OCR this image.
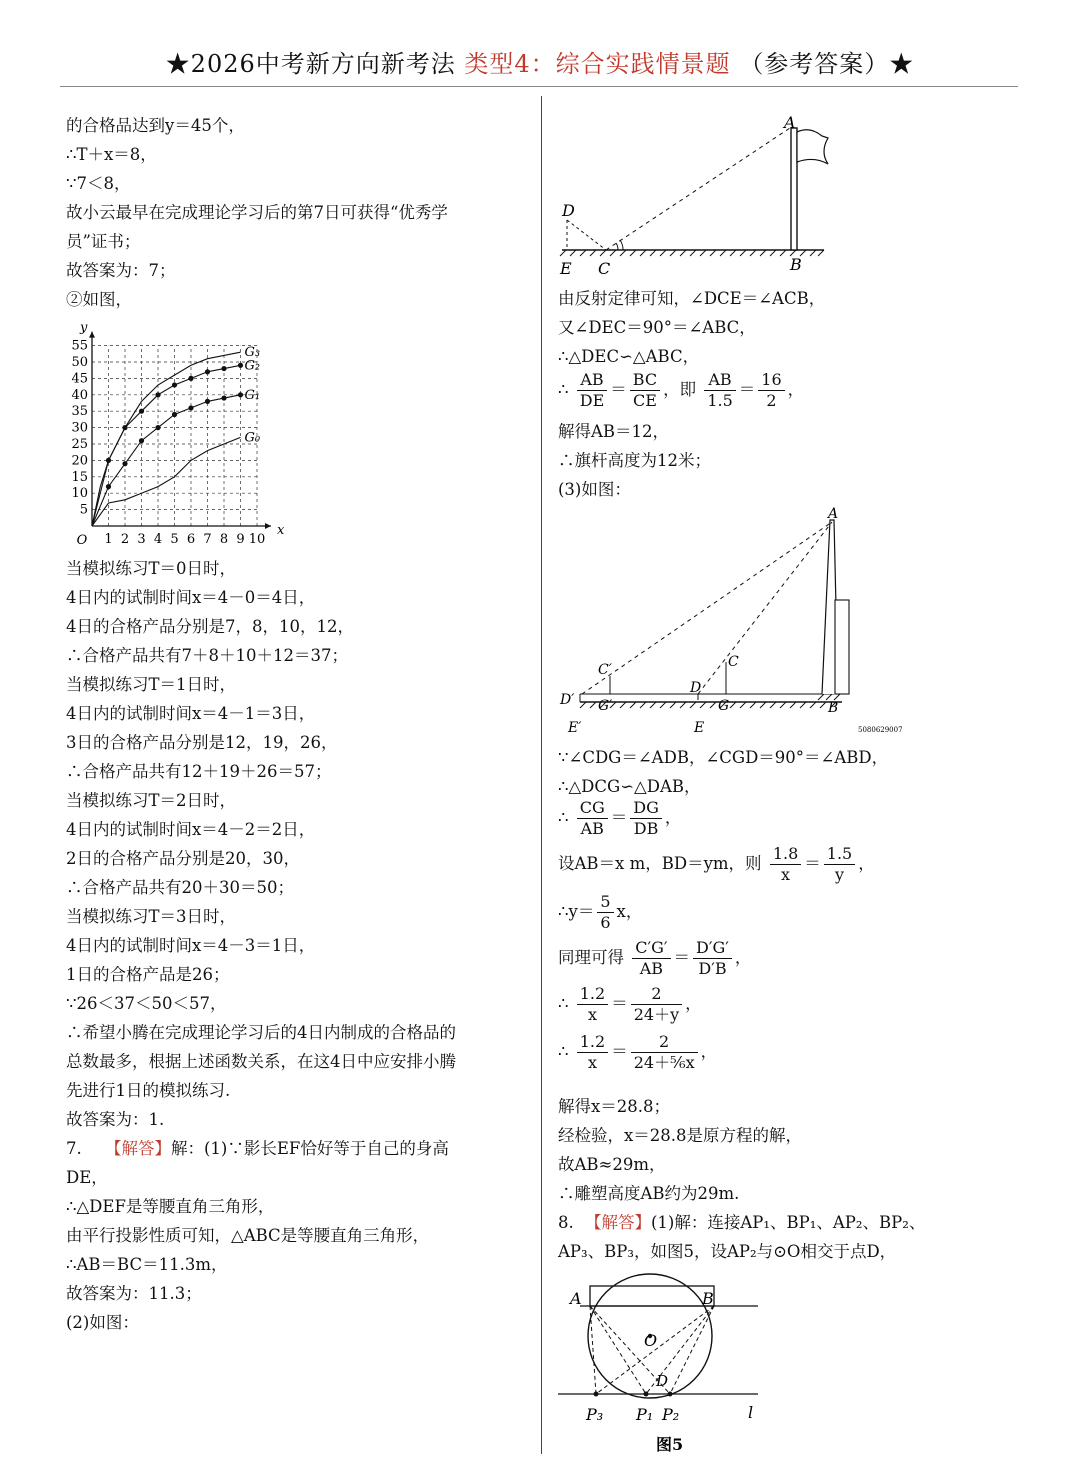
★2026中考新方向新考法 类型4：综合实践情景题 （参考答案）★
的合格品达到y＝45个，
∴T＋x＝8，
∵7＜8，
故小云最早在完成理论学习后的第7日可获得“优秀学
员”证书；
故答案为：7；
②如图，
1 2 3 4 5 6 7 8 9 10
5
10
15
20
25
30
35
40
45
50
55
O
x
y
G₃
G₂
G₁
G₀
当模拟练习T＝0日时，
4日内的试制时间x＝4－0＝4日，
4日的合格产品分别是7，8，10，12，
∴合格产品共有7＋8＋10＋12＝37；
当模拟练习T＝1日时，
4日内的试制时间x＝4－1＝3日，
3日的合格产品分别是12，19，26，
∴合格产品共有12＋19＋26＝57；
当模拟练习T＝2日时，
4日内的试制时间x＝4－2＝2日，
2日的合格产品分别是20，30，
∴合格产品共有20＋30＝50；
当模拟练习T＝3日时，
4日内的试制时间x＝4－3＝1日，
1日的合格产品是26；
∵26＜37＜50＜57，
∴希望小腾在完成理论学习后的4日内制成的合格品的
总数最多，根据上述函数关系，在这4日中应安排小腾
先进行1日的模拟练习.
故答案为：1.
7. 【解答】解：(1)∵影长EF恰好等于自己的身高
DE，
∴△DEF是等腰直角三角形，
由平行投影性质可知，△ABC是等腰直角三角形，
∴AB＝BC＝11.3m，
故答案为：11.3；
(2)如图：
A
D
E C	B
由反射定律可知，∠DCE＝∠ACB，
又∠DEC＝90°＝∠ABC，
∴△DEC∽△ABC，
∴ $\frac{AB}{DE} = \frac{BC}{CE}$ ，即 $\frac{AB}{1.5} = \frac{16}{2}$ ，
解得AB＝12，
∴旗杆高度为12米；
(3)如图：
A
C′	C
D′
D
G′	G
E′	E
B
5080629007
∵∠CDG＝∠ADB，∠CGD＝90°＝∠ABD，
∴△DCG∽△DAB，
∴ $\frac{CG}{AB} = \frac{DG}{DB}$ ，
设AB＝x m，BD＝ym，则 $\frac{1.8}{x} = \frac{1.5}{y}$ ，
∴y＝ $\frac{5}{6}$ x，
同理可得 $\frac{C'G'}{AB} = \frac{D'G'}{D'B}$ ，
∴ $\frac{1.2}{x} = \frac{2}{24+y}$ ，
∴ $\frac{1.2}{x} = \frac{2}{\text{24＋⁵⁄₆x}}$ ，
解得x＝28.8；
经检验，x＝28.8是原方程的解，
故AB≈29m，
∴雕塑高度AB约为29m.
8. 【解答】(1)解：连接AP₁、BP₁、AP₂、BP₂、
AP₃、BP₃，如图5，设AP₂与⊙O相交于点D，
A	B
O
D
P₃ P₁ P₂	l
图5
